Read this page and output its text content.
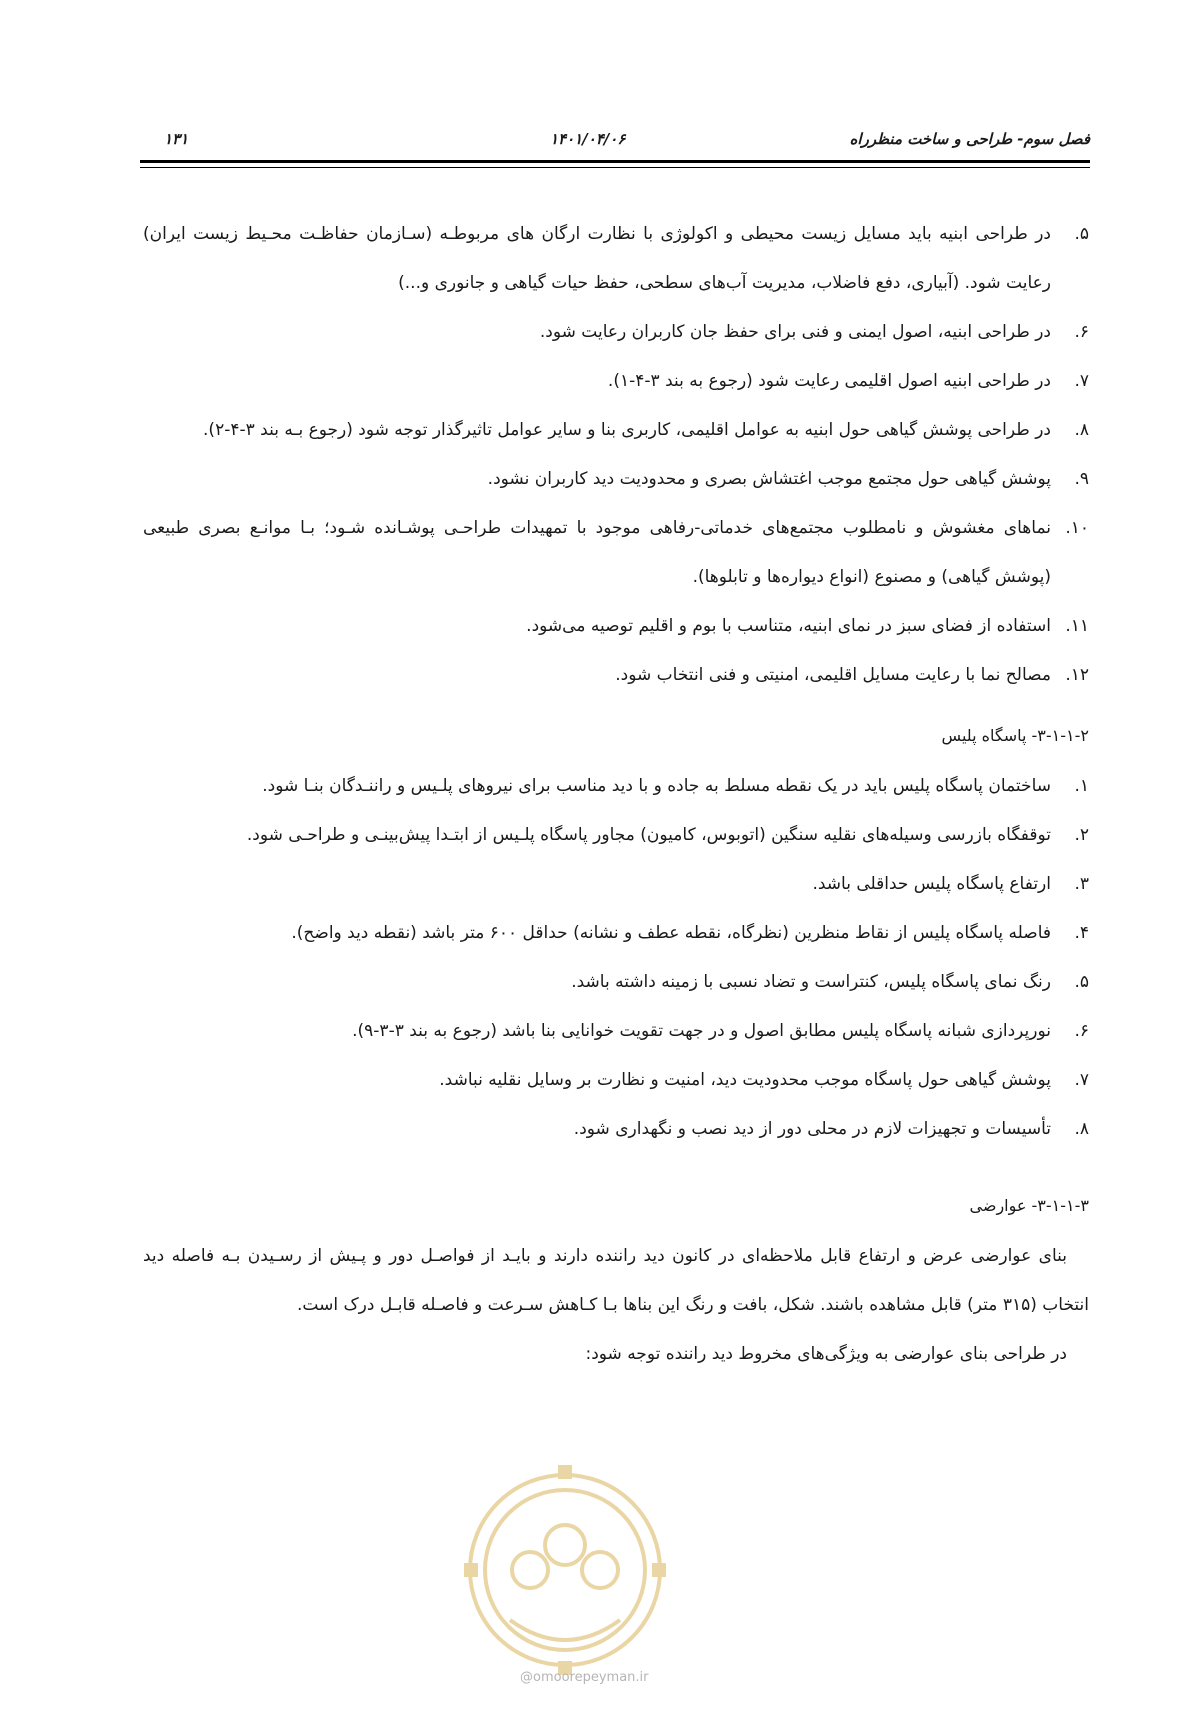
فصل سوم- طراحی و ساخت منظرراه
۱۴۰۱/۰۴/۰۶
۱۳۱
۵.
در طراحی ابنیه باید مسایل زیست محیطی و اکولوژی با نظارت ارگان های مربوطـه (سـازمان حفاظـت محـیط زیست ایران) رعایت شود. (آبیاری، دفع فاضلاب، مدیریت آب‌های سطحی، حفظ حیات گیاهی و جانوری و...)
۶.
در طراحی ابنیه، اصول ایمنی و فنی برای حفظ جان کاربران رعایت شود.
۷.
در طراحی ابنیه اصول اقلیمی رعایت شود (رجوع به بند ۳-۴-۱).
۸.
در طراحی پوشش گیاهی حول ابنیه به عوامل اقلیمی، کاربری بنا و سایر عوامل تاثیرگذار توجه شود (رجوع بـه بند ۳-۴-۲).
۹.
پوشش گیاهی حول مجتمع موجب اغتشاش بصری و محدودیت دید کاربران نشود.
۱۰.
نماهای مغشوش و نامطلوب مجتمع‌های خدماتی-رفاهی موجود با تمهیدات طراحـی پوشـانده شـود؛ بـا موانـع بصری طبیعی (پوشش گیاهی) و مصنوع (انواع دیواره‌ها و تابلوها).
۱۱.
استفاده از فضای سبز در نمای ابنیه، متناسب با بوم و اقلیم توصیه می‌شود.
۱۲.
مصالح نما با رعایت مسایل اقلیمی، امنیتی و فنی انتخاب شود.
۳-۱-۱-۲- پاسگاه پلیس
۱.
ساختمان پاسگاه پلیس باید در یک نقطه مسلط به جاده و با دید مناسب برای نیروهای پلـیس و راننـدگان بنـا شود.
۲.
توقفگاه بازرسی وسیله‌های نقلیه سنگین (اتوبوس، کامیون) مجاور پاسگاه پلـیس از ابتـدا پیش‌بینـی و طراحـی شود.
۳.
ارتفاع پاسگاه پلیس حداقلی باشد.
۴.
فاصله پاسگاه پلیس از نقاط منظرین (نظرگاه، نقطه عطف و نشانه) حداقل ۶۰۰ متر باشد (نقطه دید واضح).
۵.
رنگ نمای پاسگاه پلیس، کنتراست و تضاد نسبی با زمینه داشته باشد.
۶.
نورپردازی شبانه پاسگاه پلیس مطابق اصول و در جهت تقویت خوانایی بنا باشد (رجوع به بند ۳-۳-۹).
۷.
پوشش گیاهی حول پاسگاه موجب محدودیت دید، امنیت و نظارت بر وسایل نقلیه نباشد.
۸.
تأسیسات و تجهیزات لازم در محلی دور از دید نصب و نگهداری شود.
۳-۱-۱-۳- عوارضی
بنای عوارضی عرض و ارتفاع قابل ملاحظه‌ای در کانون دید راننده دارند و بایـد از فواصـل دور و پـیش از رسـیدن بـه فاصله دید انتخاب (۳۱۵ متر) قابل مشاهده باشند. شکل، بافت و رنگ این بناها بـا کـاهش سـرعت و فاصـله قابـل درک است.
در طراحی بنای عوارضی به ویژگی‌های مخروط دید راننده توجه شود:
@omoorepeyman.ir
